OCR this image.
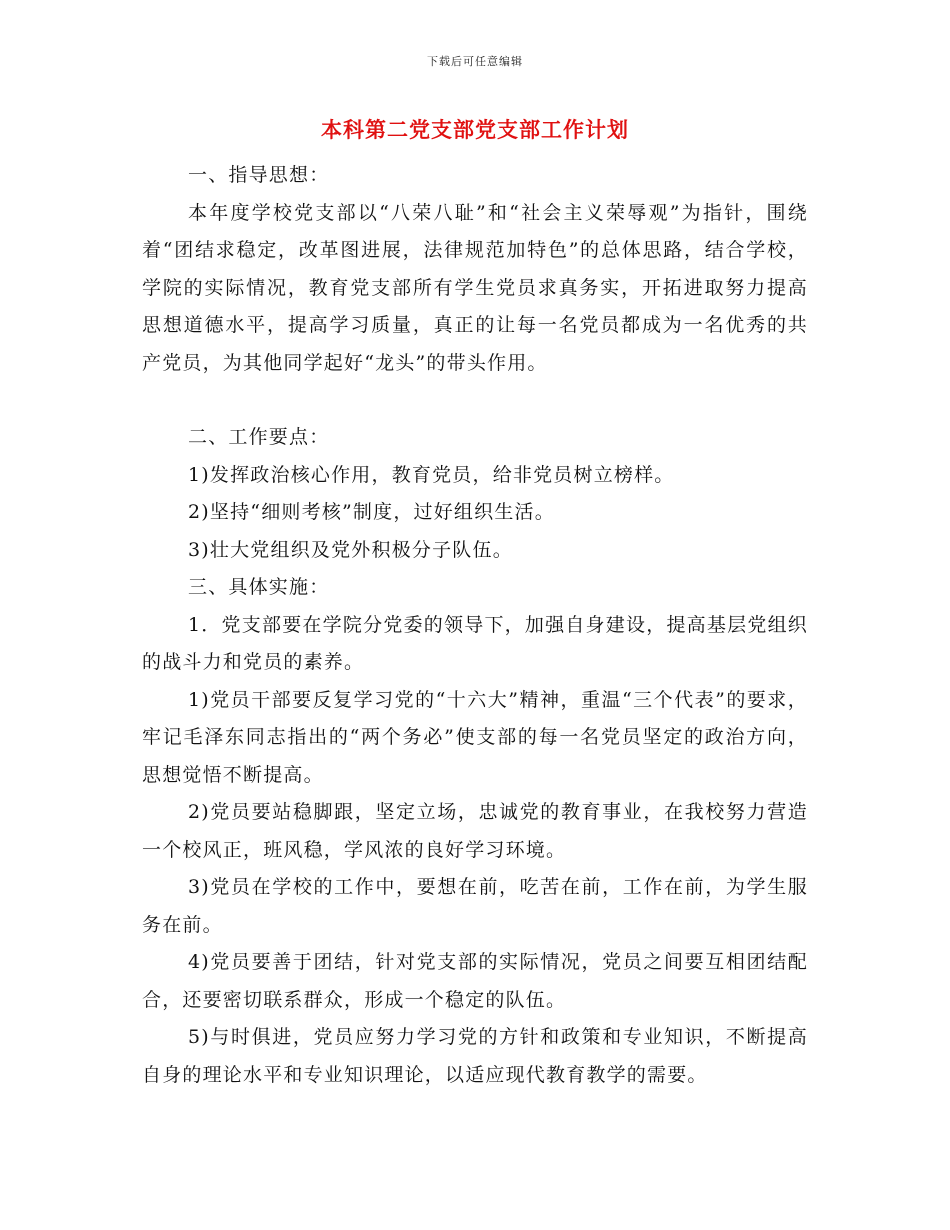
下载后可任意编辑
本科第二党支部党支部工作计划

一、指导思想：

本年度学校党支部以“八荣八耻”和“社会主义荣辱观”为指针，围绕着“团结求稳定，改革图进展，法律规范加特色”的总体思路，结合学校，学院的实际情况，教育党支部所有学生党员求真务实，开拓进取努力提高思想道德水平，提高学习质量，真正的让每一名党员都成为一名优秀的共产党员，为其他同学起好“龙头”的带头作用。

二、工作要点：

1)发挥政治核心作用，教育党员，给非党员树立榜样。

2)坚持“细则考核”制度，过好组织生活。

3)壮大党组织及党外积极分子队伍。

三、具体实施：

1．党支部要在学院分党委的领导下，加强自身建设，提高基层党组织的战斗力和党员的素养。

1)党员干部要反复学习党的“十六大”精神，重温“三个代表”的要求，牢记毛泽东同志指出的“两个务必”使支部的每一名党员坚定的政治方向，思想觉悟不断提高。

2)党员要站稳脚跟，坚定立场，忠诚党的教育事业，在我校努力营造一个校风正，班风稳，学风浓的良好学习环境。

3)党员在学校的工作中，要想在前，吃苦在前，工作在前，为学生服务在前。

4)党员要善于团结，针对党支部的实际情况，党员之间要互相团结配合，还要密切联系群众，形成一个稳定的队伍。

5)与时俱进，党员应努力学习党的方针和政策和专业知识，不断提高自身的理论水平和专业知识理论，以适应现代教育教学的需要。
